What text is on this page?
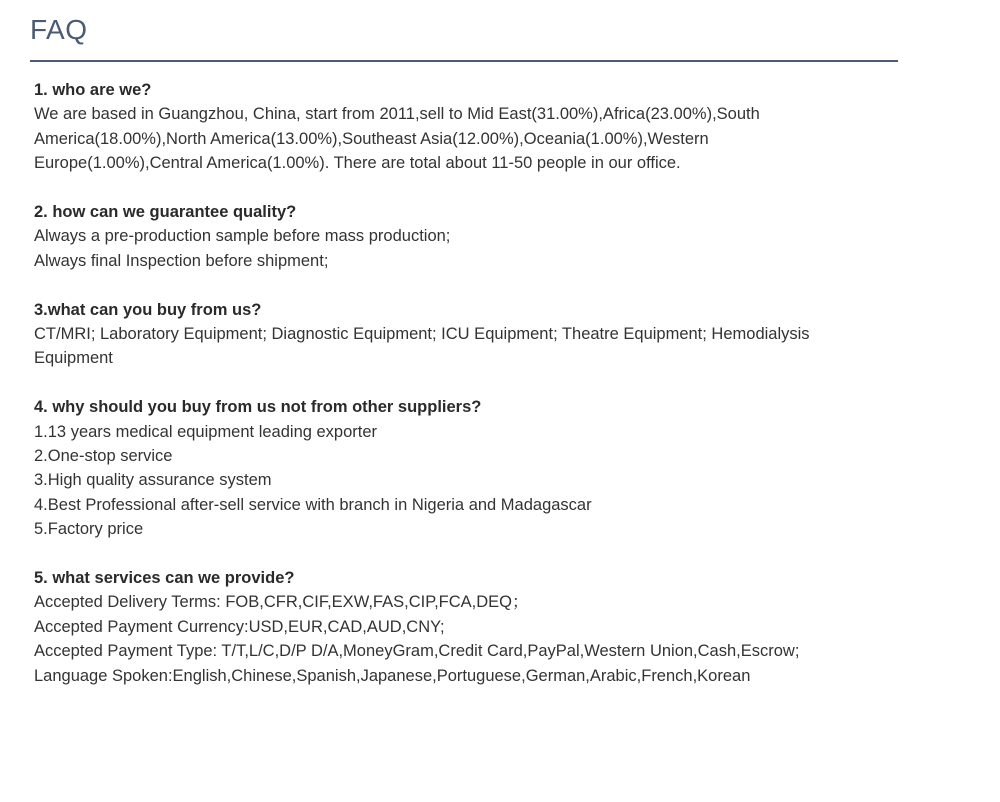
FAQ
1. who are we?
We are based in Guangzhou, China, start from 2011,sell to Mid East(31.00%),Africa(23.00%),South America(18.00%),North America(13.00%),Southeast Asia(12.00%),Oceania(1.00%),Western Europe(1.00%),Central America(1.00%). There are total about 11-50 people in our office.
2. how can we guarantee quality?
Always a pre-production sample before mass production;
Always final Inspection before shipment;
3.what can you buy from us?
CT/MRI; Laboratory Equipment; Diagnostic Equipment; ICU Equipment; Theatre Equipment; Hemodialysis Equipment
4. why should you buy from us not from other suppliers?
1.13 years medical equipment leading exporter
2.One-stop service
3.High quality assurance system
4.Best Professional after-sell service with branch in Nigeria and Madagascar
5.Factory price
5. what services can we provide?
Accepted Delivery Terms: FOB,CFR,CIF,EXW,FAS,CIP,FCA,DEQ；
Accepted Payment Currency:USD,EUR,CAD,AUD,CNY;
Accepted Payment Type: T/T,L/C,D/P D/A,MoneyGram,Credit Card,PayPal,Western Union,Cash,Escrow;
Language Spoken:English,Chinese,Spanish,Japanese,Portuguese,German,Arabic,French,Korean
